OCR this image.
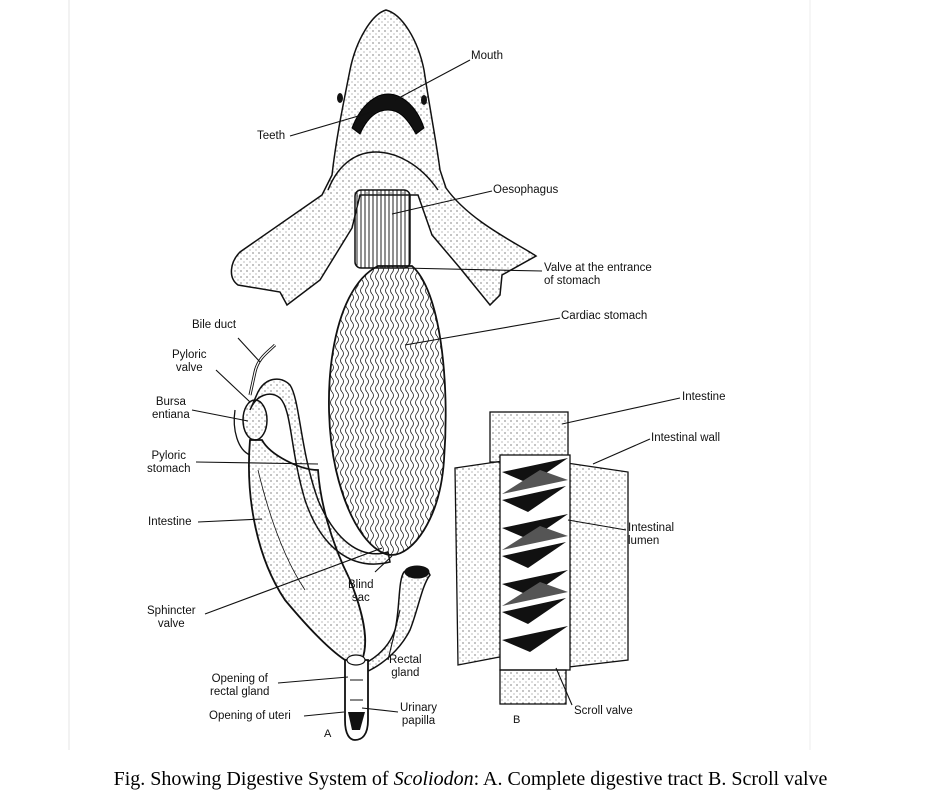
Mouth
Teeth
Oesophagus
Valve at the entrance
of stomach
Cardiac stomach
Bile duct
Pyloric
valve
Bursa
entiana
Pyloric
stomach
Intestine
Sphincter
valve
Blind
sac
Rectal
gland
Opening of
rectal gland
Opening of uteri
Urinary
papilla
A
B
Intestine
Intestinal wall
Intestinal
lumen
Scroll valve
Fig. Showing Digestive System of Scoliodon: A. Complete digestive tract B. Scroll valve
